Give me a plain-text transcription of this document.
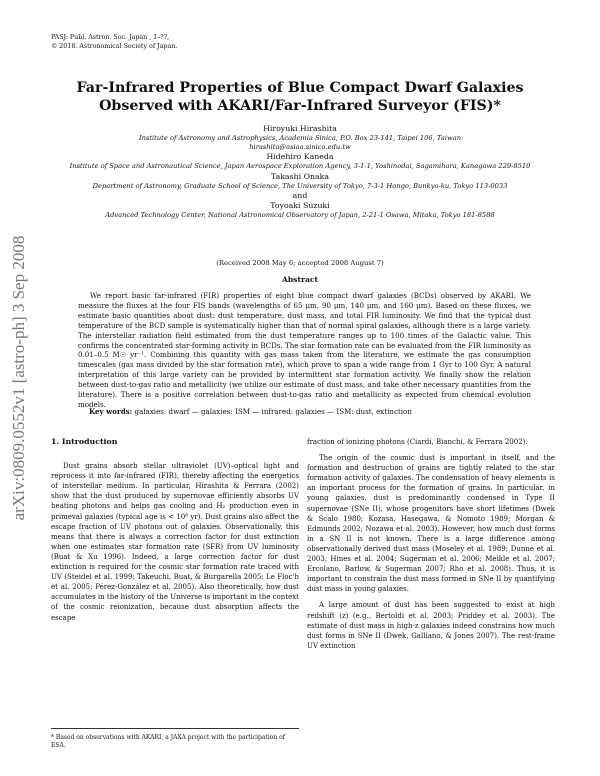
PASJ: Publ. Astron. Soc. Japan , 1–??,
© 2018. Astronomical Society of Japan.
arXiv:0809.0552v1 [astro-ph] 3 Sep 2008
Far-Infrared Properties of Blue Compact Dwarf Galaxies Observed with AKARI/Far-Infrared Surveyor (FIS)*
Hiroyuki Hirashita
Institute of Astronomy and Astrophysics, Academia Sinica, P.O. Box 23-141, Taipei 106, Taiwan
hirashita@asiaa.sinica.edu.tw
Hidehiro Kaneda
Institute of Space and Astronautical Science, Japan Aerospace Exploration Agency, 3-1-1, Yoshinodai, Sagamihara, Kanagawa 229-8510
Takashi Onaka
Department of Astronomy, Graduate School of Science, The University of Tokyo, 7-3-1 Hongo, Bunkyo-ku, Tokyo 113-0033
and
Toyoaki Suzuki
Advanced Technology Center, National Astronomical Observatory of Japan, 2-21-1 Osawa, Mitaka, Tokyo 181-8588
(Received 2008 May 6; accepted 2008 August 7)
Abstract

We report basic far-infrared (FIR) properties of eight blue compact dwarf galaxies (BCDs) observed by AKARI. We measure the fluxes at the four FIS bands (wavelengths of 65 μm, 90 μm, 140 μm, and 160 μm). Based on these fluxes, we estimate basic quantities about dust: dust temperature, dust mass, and total FIR luminosity. We find that the typical dust temperature of the BCD sample is systematically higher than that of normal spiral galaxies, although there is a large variety. The interstellar radiation field estimated from the dust temperature ranges up to 100 times of the Galactic value. This confirms the concentrated star-forming activity in BCDs. The star formation rate can be evaluated from the FIR luminosity as 0.01–0.5 M☉ yr⁻¹. Combining this quantity with gas mass taken from the literature, we estimate the gas consumption timescales (gas mass divided by the star formation rate), which prove to span a wide range from 1 Gyr to 100 Gyr. A natural interpretation of this large variety can be provided by intermittent star formation activity. We finally show the relation between dust-to-gas ratio and metallicity (we utilize our estimate of dust mass, and take other necessary quantities from the literature). There is a positive correlation between dust-to-gas ratio and metallicity as expected from chemical evolution models.

Key words: galaxies: dwarf — galaxies: ISM — infrared: galaxies — ISM: dust, extinction
1. Introduction

Dust grains absorb stellar ultraviolet (UV)–optical light and reprocess it into far-infrared (FIR), thereby affecting the energetics of interstellar medium. In particular, Hirashita & Ferrara (2002) show that the dust produced by supernovae efficiently absorbs UV heating photons and helps gas cooling and H₂ production even in primeval galaxies (typical age is < 10⁸ yr). Dust grains also affect the escape fraction of UV photons out of galaxies. Observationally, this means that there is always a correction factor for dust extinction when one estimates star formation rate (SFR) from UV luminosity (Buat & Xu 1996). Indeed, a large correction factor for dust extinction is required for the cosmic star formation rate traced with UV (Steidel et al. 1999; Takeuchi, Buat, & Burgarella 2005; Le Floc'h et al. 2005; Pérez-González et al. 2005). Also theoretically, how dust accumulates in the history of the Universe is important in the context of the cosmic reionization, because dust absorption affects the escape

fraction of ionizing photons (Ciardi, Bianchi, & Ferrara 2002).

The origin of the cosmic dust is important in itself, and the formation and destruction of grains are tightly related to the star formation activity of galaxies. The condensation of heavy elements is an important process for the formation of grains. In particular, in young galaxies, dust is predominantly condensed in Type II supernovae (SNe II), whose progenitors have short lifetimes (Dwek & Scalo 1980; Kozasa, Hasegawa, & Nomoto 1989; Morgan & Edmunds 2002; Nozawa et al. 2003). However, how much dust forms in a SN II is not known. There is a large difference among observationally derived dust mass (Moseley et al. 1989; Dunne et al. 2003; Hines et al. 2004; Sugerman et al. 2006; Meikle et al. 2007; Ercolano, Barlow, & Sugerman 2007; Rho et al. 2008). Thus, it is important to constrain the dust mass formed in SNe II by quantifying dust mass in young galaxies.

A large amount of dust has been suggested to exist at high redshift (z) (e.g., Bertoldi et al. 2003; Priddey et al. 2003). The estimate of dust mass in high-z galaxies indeed constrains how much dust forms in SNe II (Dwek, Galliano, & Jones 2007). The rest-frame UV extinction

* Based on observations with AKARI, a JAXA project with the participation of ESA.
